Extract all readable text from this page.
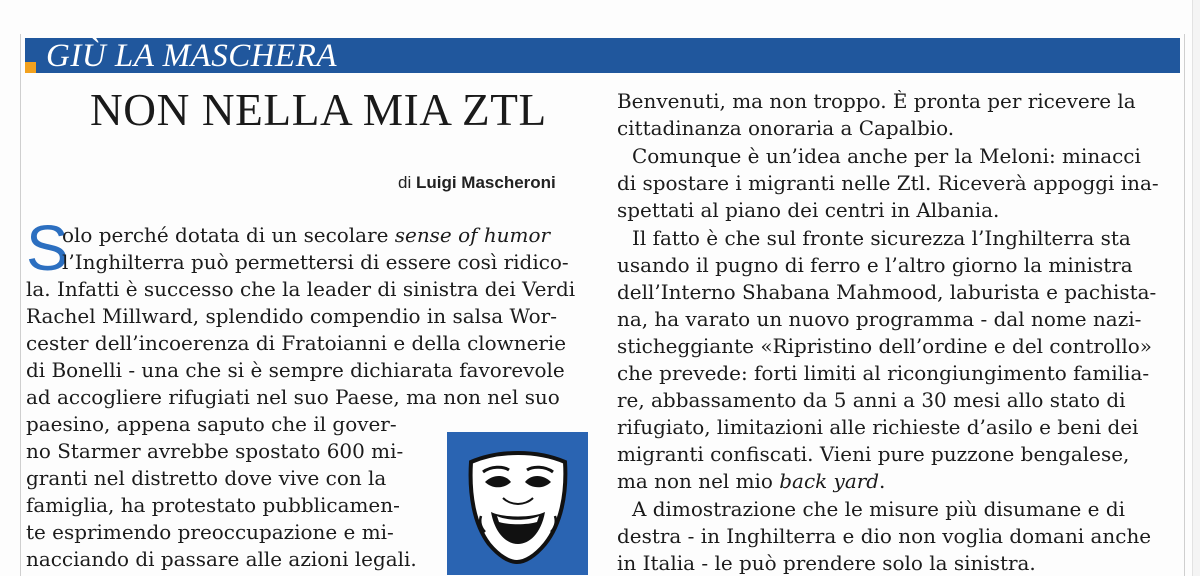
GIÙ LA MASCHERA
NON NELLA MIA ZTL
di Luigi Mascheroni
S
olo perché dotata di un secolare sense of humor
l’Inghilterra può permettersi di essere così ridico-
la. Infatti è successo che la leader di sinistra dei Verdi
Rachel Millward, splendido compendio in salsa Wor-
cester dell’incoerenza di Fratoianni e della clownerie
di Bonelli - una che si è sempre dichiarata favorevole
ad accogliere rifugiati nel suo Paese, ma non nel suo
paesino, appena saputo che il gover-
no Starmer avrebbe spostato 600 mi-
granti nel distretto dove vive con la
famiglia, ha protestato pubblicamen-
te esprimendo preoccupazione e mi-
nacciando di passare alle azioni legali.
Benvenuti, ma non troppo. È pronta per ricevere la
cittadinanza onoraria a Capalbio.
Comunque è un’idea anche per la Meloni: minacci
di spostare i migranti nelle Ztl. Riceverà appoggi ina-
spettati al piano dei centri in Albania.
Il fatto è che sul fronte sicurezza l’Inghilterra sta
usando il pugno di ferro e l’altro giorno la ministra
dell’Interno Shabana Mahmood, laburista e pachista-
na, ha varato un nuovo programma - dal nome nazi-
sticheggiante «Ripristino dell’ordine e del controllo»
che prevede: forti limiti al ricongiungimento familia-
re, abbassamento da 5 anni a 30 mesi allo stato di
rifugiato, limitazioni alle richieste d’asilo e beni dei
migranti confiscati. Vieni pure puzzone bengalese,
ma non nel mio back yard.
A dimostrazione che le misure più disumane e di
destra - in Inghilterra e dio non voglia domani anche
in Italia - le può prendere solo la sinistra.
